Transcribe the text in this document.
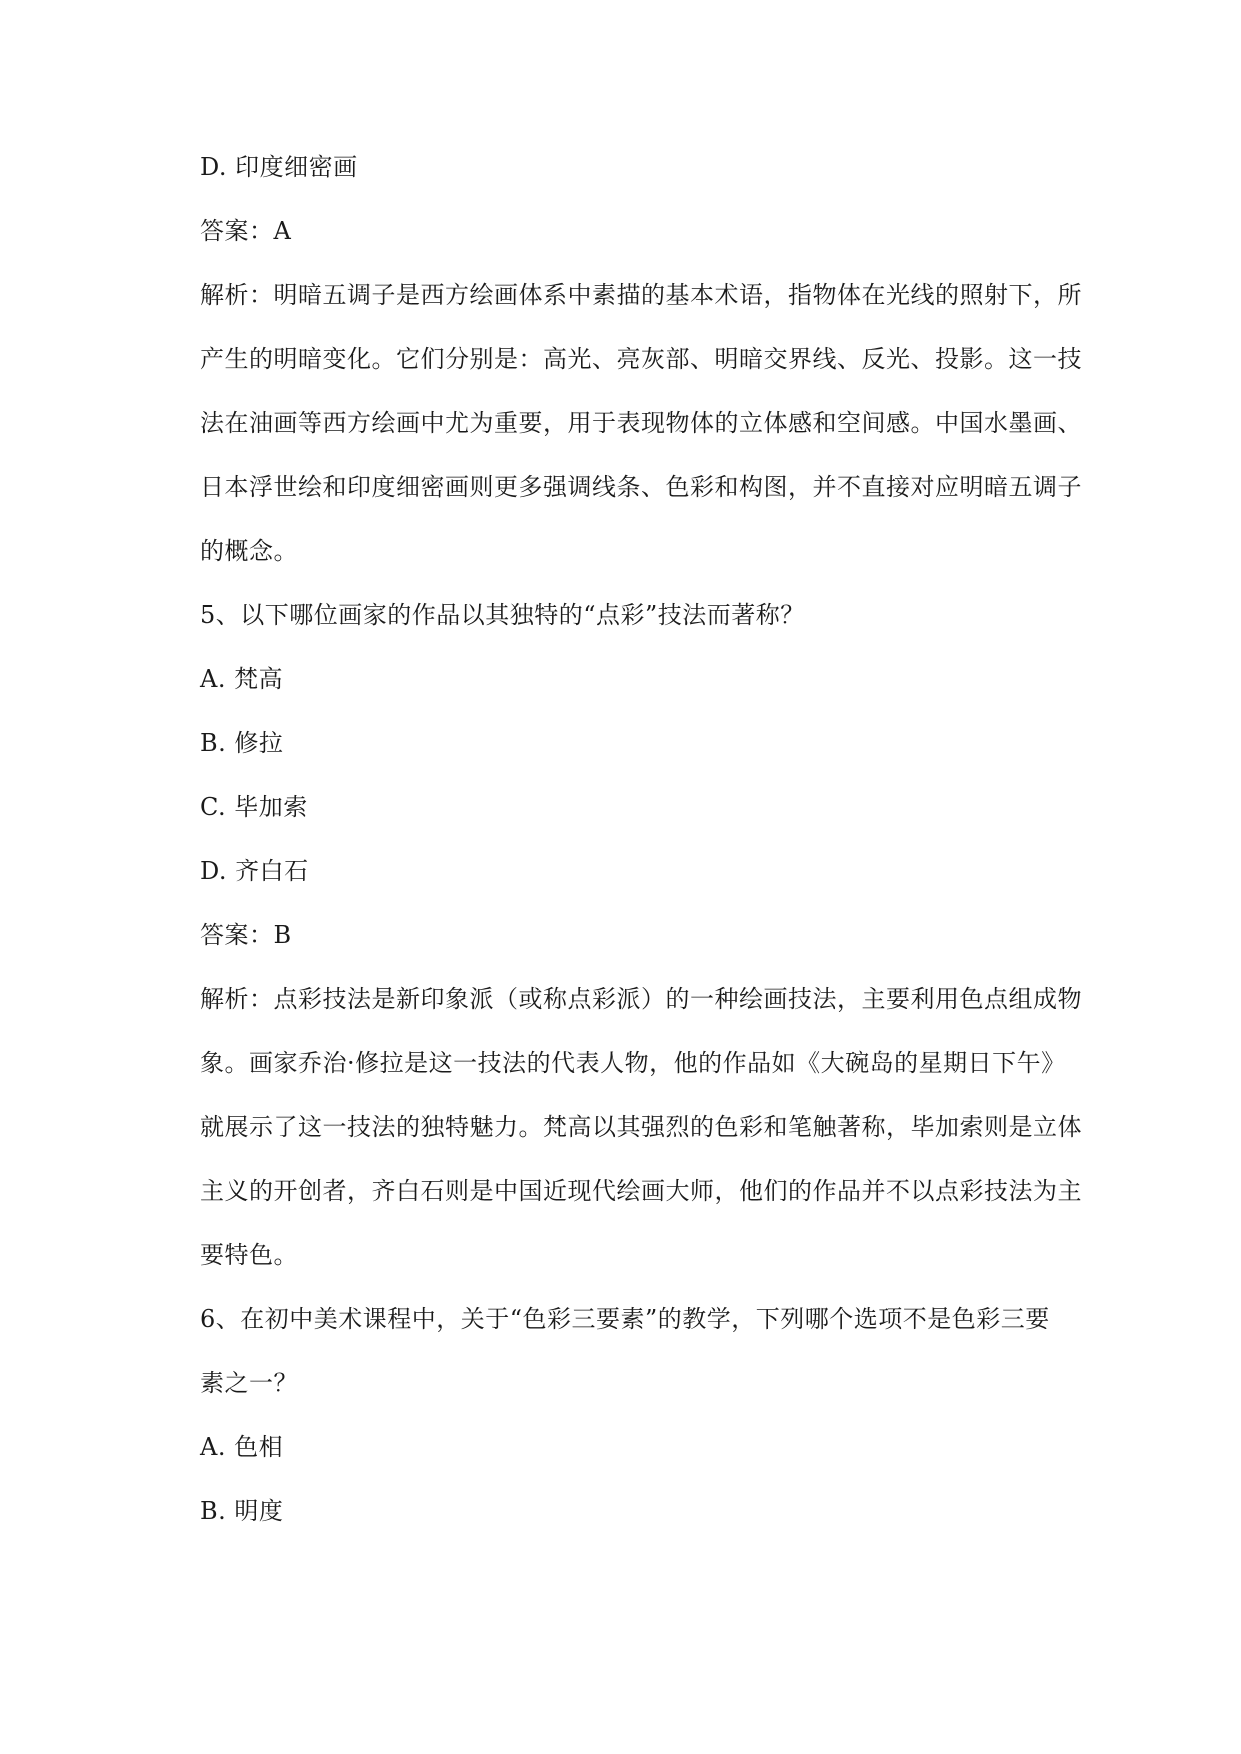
D. 印度细密画
答案：A
解析：明暗五调子是西方绘画体系中素描的基本术语，指物体在光线的照射下，所
产生的明暗变化。它们分别是：高光、亮灰部、明暗交界线、反光、投影。这一技
法在油画等西方绘画中尤为重要，用于表现物体的立体感和空间感。中国水墨画、
日本浮世绘和印度细密画则更多强调线条、色彩和构图，并不直接对应明暗五调子
的概念。
5、以下哪位画家的作品以其独特的“点彩”技法而著称？
A. 梵高
B. 修拉
C. 毕加索
D. 齐白石
答案：B
解析：点彩技法是新印象派（或称点彩派）的一种绘画技法，主要利用色点组成物
象。画家乔治·修拉是这一技法的代表人物，他的作品如《大碗岛的星期日下午》
就展示了这一技法的独特魅力。梵高以其强烈的色彩和笔触著称，毕加索则是立体
主义的开创者，齐白石则是中国近现代绘画大师，他们的作品并不以点彩技法为主
要特色。
6、在初中美术课程中，关于“色彩三要素”的教学，下列哪个选项不是色彩三要
素之一？
A. 色相
B. 明度
